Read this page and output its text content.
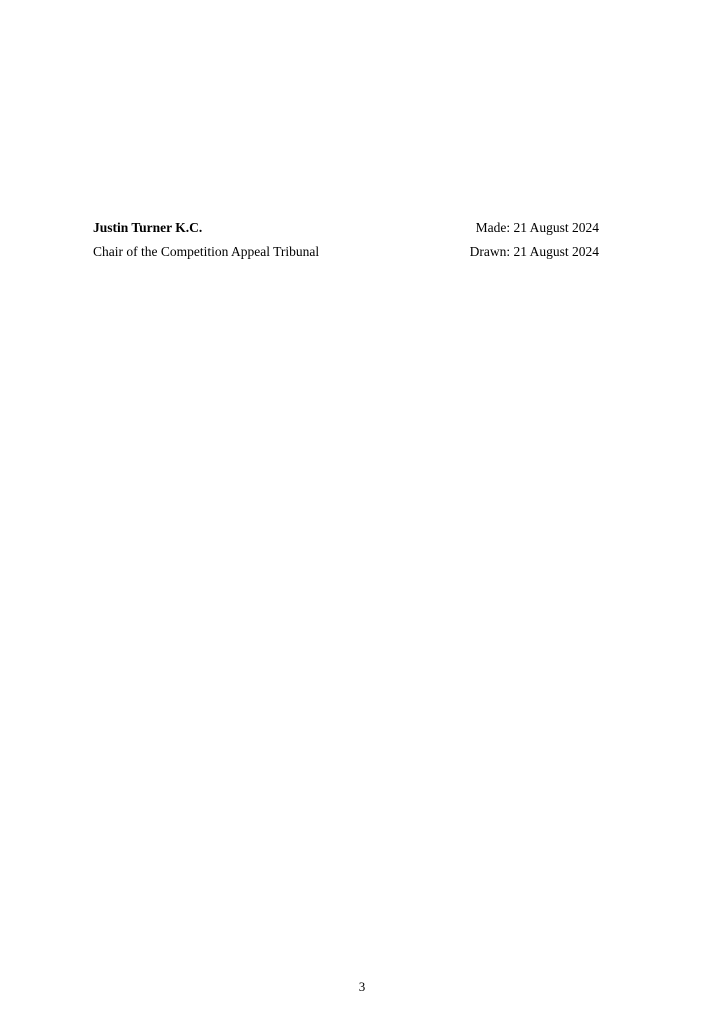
Justin Turner K.C.	Made: 21 August 2024
Chair of the Competition Appeal Tribunal	Drawn: 21 August 2024
3
